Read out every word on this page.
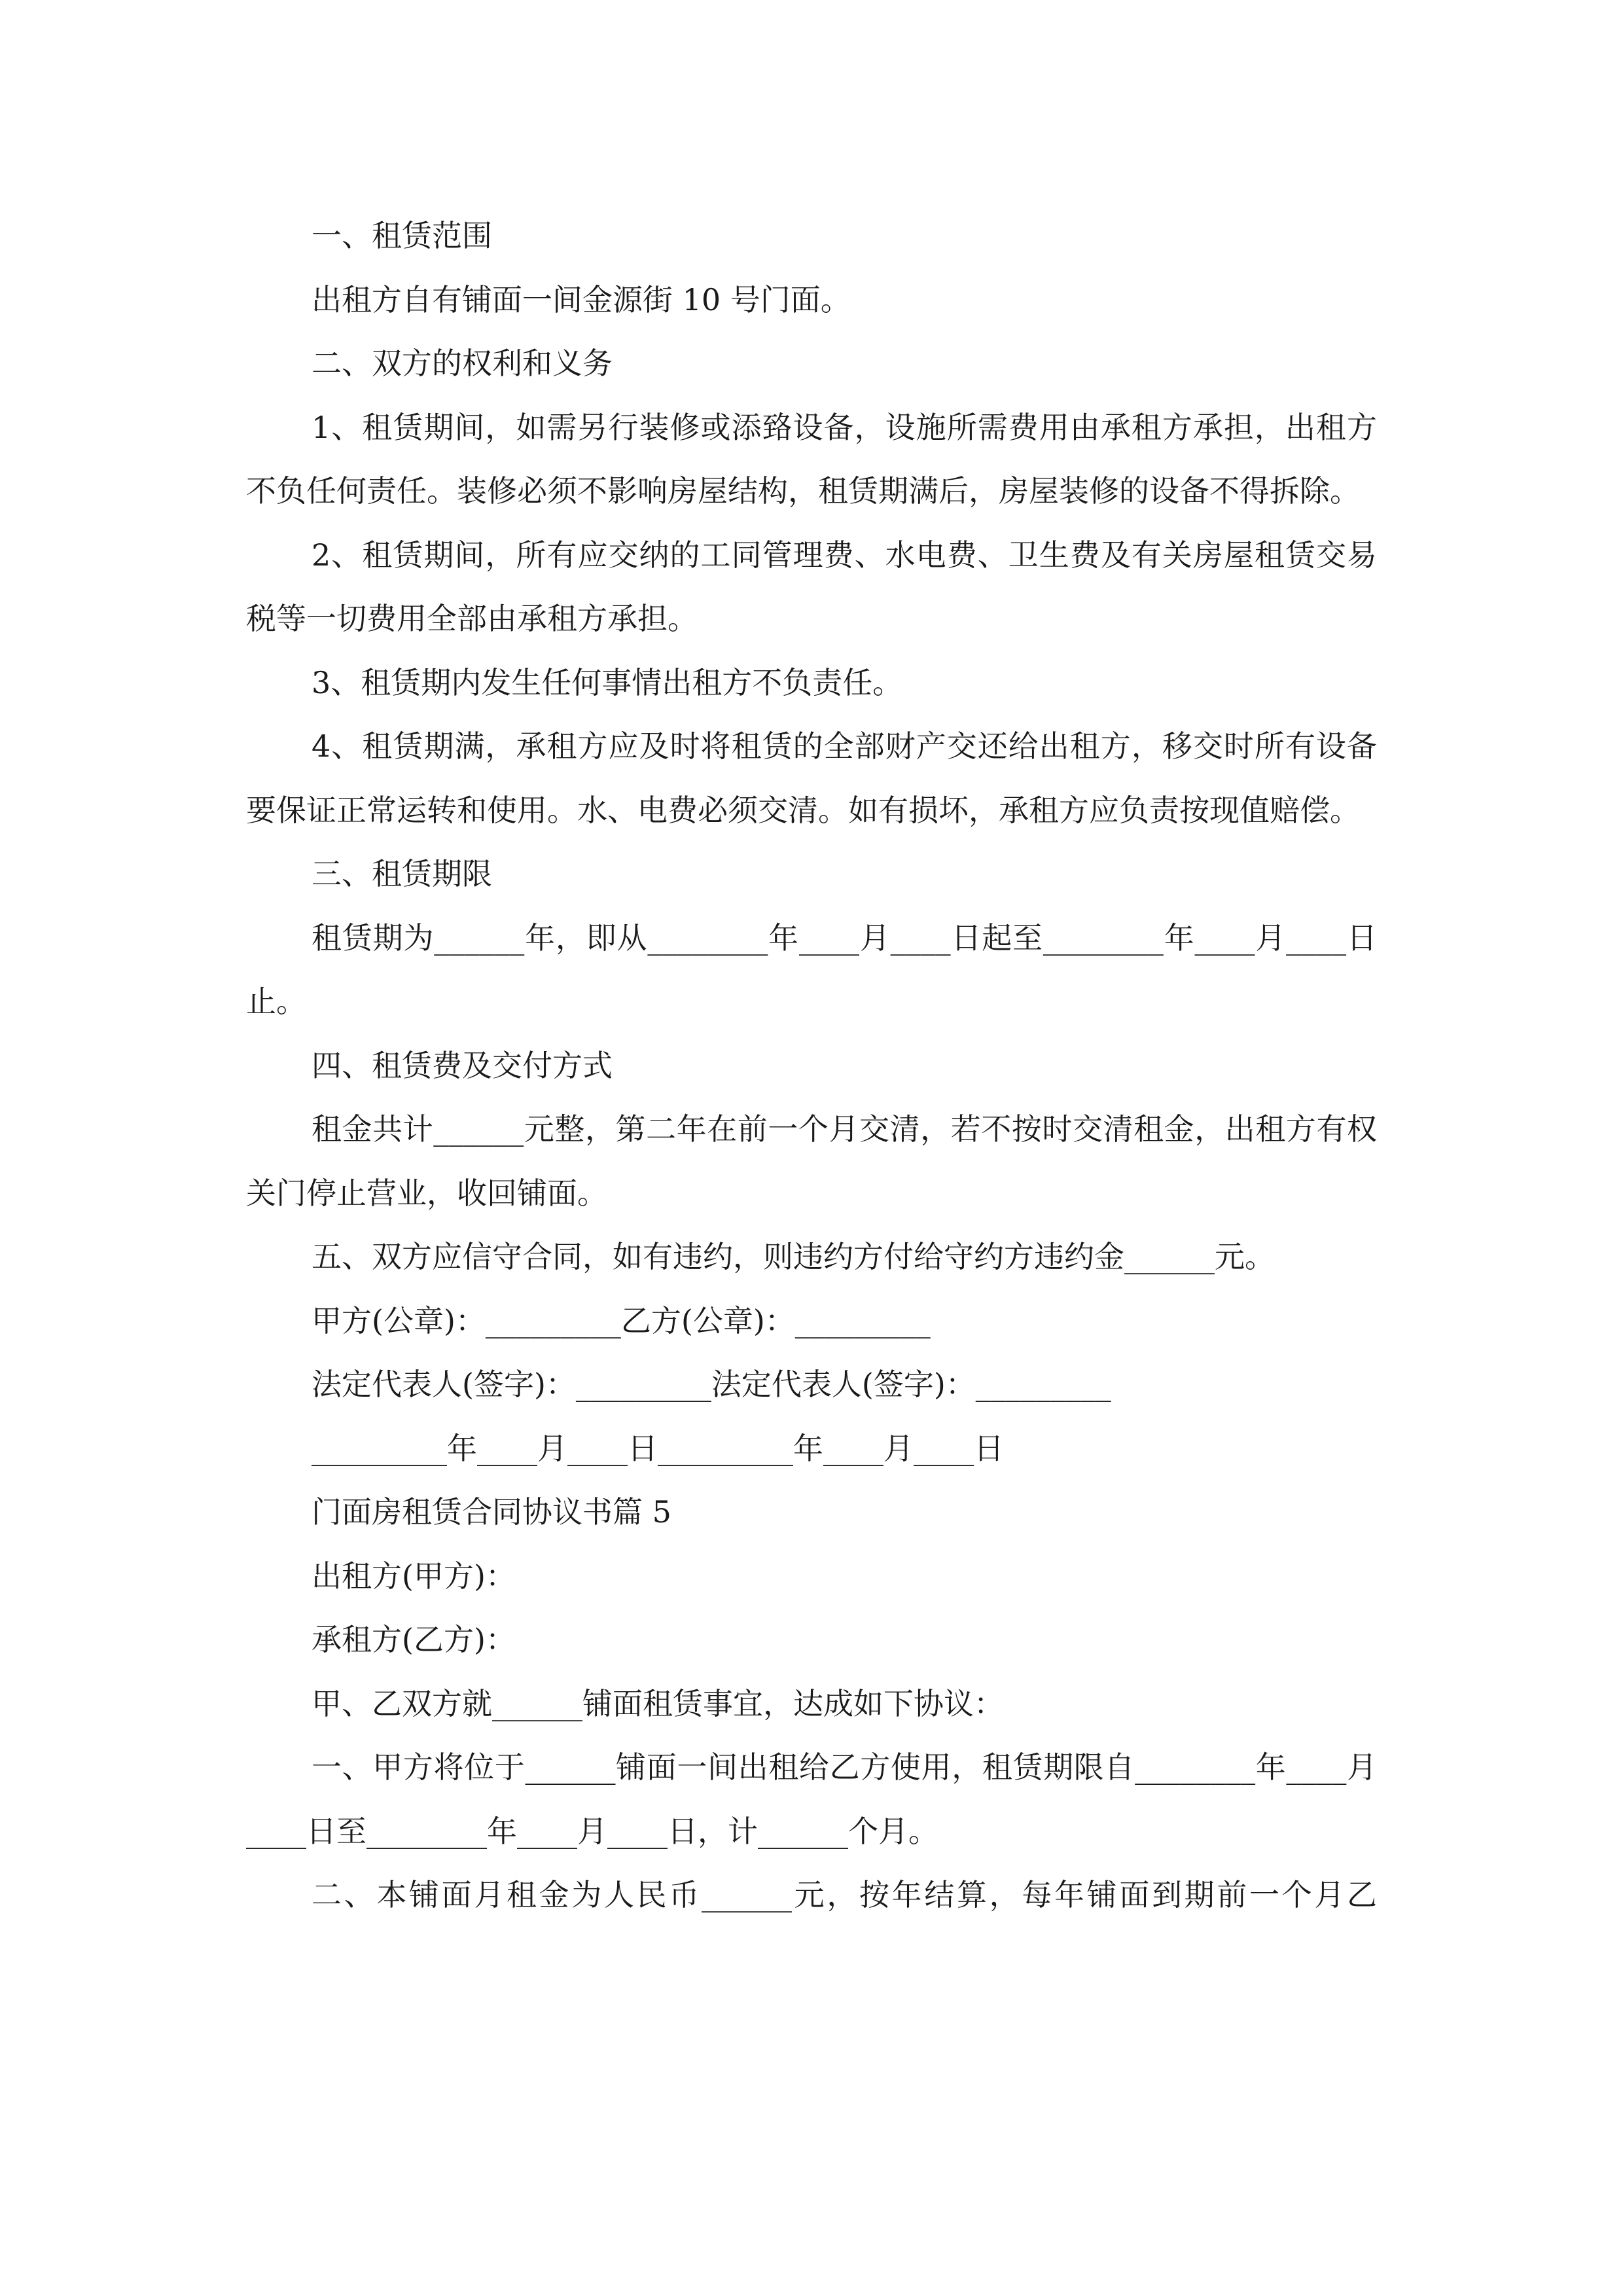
一、租赁范围

出租方自有铺面一间金源街 10 号门面。

二、双方的权利和义务

1、租赁期间，如需另行装修或添臵设备，设施所需费用由承租方承担，出租方不负任何责任。装修必须不影响房屋结构，租赁期满后，房屋装修的设备不得拆除。

2、租赁期间，所有应交纳的工同管理费、水电费、卫生费及有关房屋租赁交易税等一切费用全部由承租方承担。

3、租赁期内发生任何事情出租方不负责任。

4、租赁期满，承租方应及时将租赁的全部财产交还给出租方，移交时所有设备要保证正常运转和使用。水、电费必须交清。如有损坏，承租方应负责按现值赔偿。

三、租赁期限

租赁期为______年，即从________年____月____日起至________年____月____日止。

四、租赁费及交付方式

租金共计______元整，第二年在前一个月交清，若不按时交清租金，出租方有权关门停止营业，收回铺面。

五、双方应信守合同，如有违约，则违约方付给守约方违约金______元。

甲方(公章)：_________乙方(公章)：_________

法定代表人(签字)：_________法定代表人(签字)：_________

_________年____月____日_________年____月____日

门面房租赁合同协议书篇 5

出租方(甲方)：

承租方(乙方)：

甲、乙双方就______铺面租赁事宜，达成如下协议：

一、甲方将位于______铺面一间出租给乙方使用，租赁期限自________年____月____日至________年____月____日，计______个月。

二、本铺面月租金为人民币______元，按年结算，每年铺面到期前一个月乙
